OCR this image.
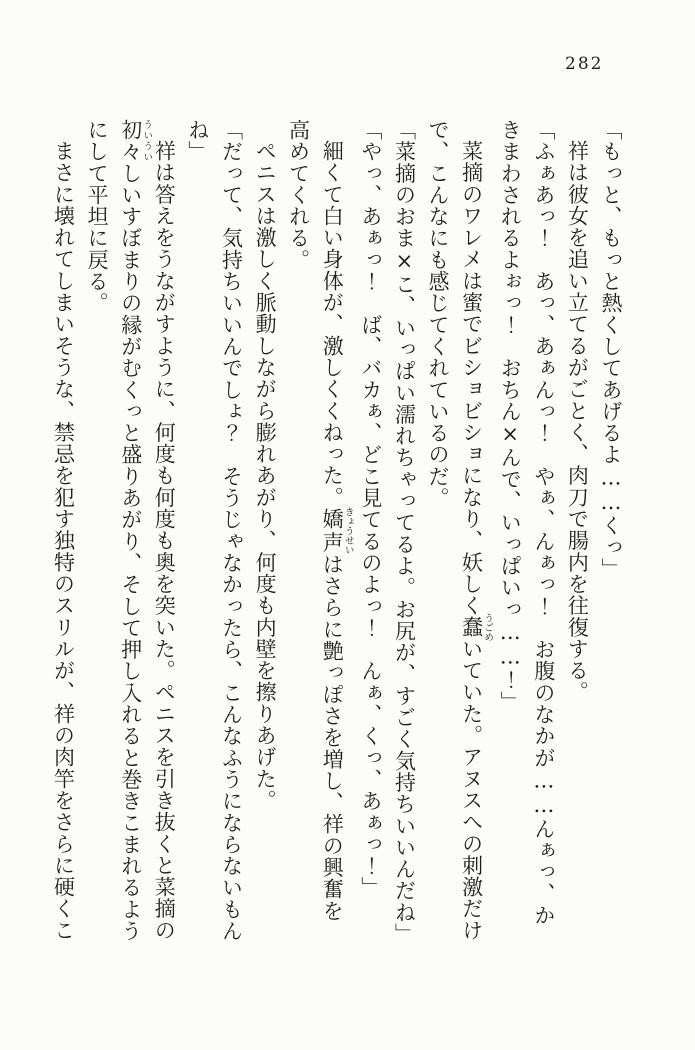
282

「もっと、もっと熱くしてあげるよ……くっ」

祥は彼女を追い立てるがごとく、肉刀で腸内を往復する。

「ふぁあっ！　あっ、あぁんっ！　やぁ、んぁっ！　お腹のなかが……んぁっ、かきまわされるよぉっ！　おちん×んで、いっぱいっ……！」

菜摘のワレメは蜜でビショビショになり、妖しく蠢うごめいていた。アヌスへの刺激だけで、こんなにも感じてくれているのだ。

「菜摘のおま×こ、いっぱい濡れちゃってるよ。お尻が、すごく気持ちいいんだね」

「やっ、あぁっ！　ば、バカぁ、どこ見てるのよっ！　んぁ、くっ、あぁっ！」

細くて白い身体が、激しくくねった。嬌声きょうせいはさらに艶っぽさを増し、祥の興奮を高めてくれる。

ペニスは激しく脈動しながら膨れあがり、何度も内壁を擦りあげた。

「だって、気持ちいいんでしょ？　そうじゃなかったら、こんなふうにならないもんね」

祥は答えをうながすように、何度も何度も奥を突いた。ペニスを引き抜くと菜摘の初々ういういしいすぼまりの縁がむくっと盛りあがり、そして押し入れると巻きこまれるようにして平坦に戻る。

まさに壊れてしまいそうな、禁忌を犯す独特のスリルが、祥の肉竿をさらに硬くこ
